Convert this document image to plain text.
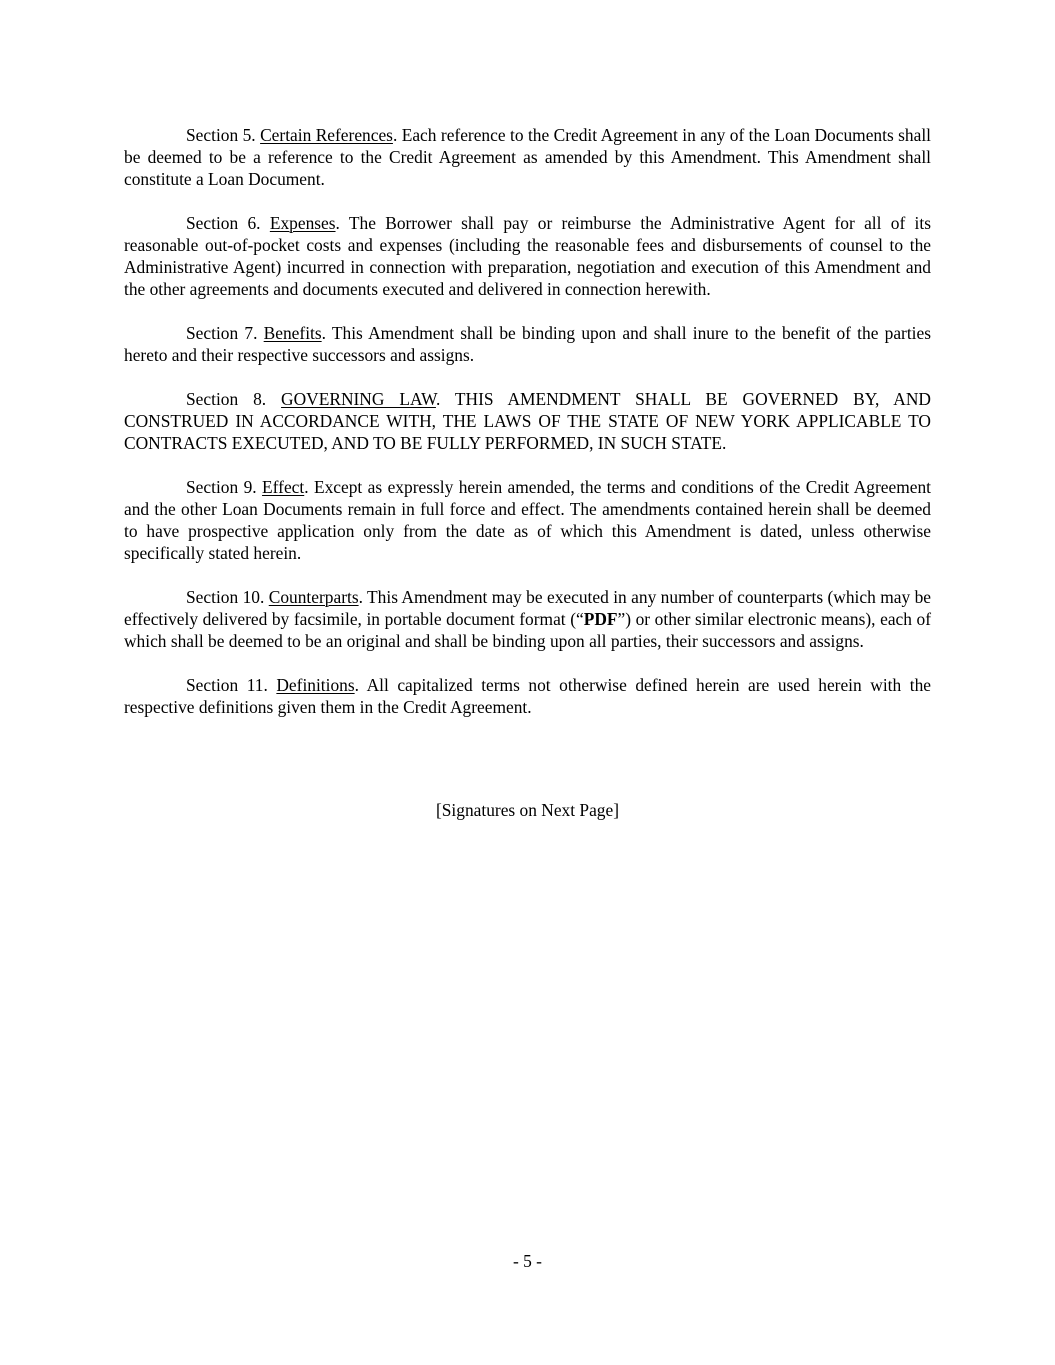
Section 5. Certain References. Each reference to the Credit Agreement in any of the Loan Documents shall be deemed to be a reference to the Credit Agreement as amended by this Amendment. This Amendment shall constitute a Loan Document.

Section 6. Expenses. The Borrower shall pay or reimburse the Administrative Agent for all of its reasonable out-of-pocket costs and expenses (including the reasonable fees and disbursements of counsel to the Administrative Agent) incurred in connection with preparation, negotiation and execution of this Amendment and the other agreements and documents executed and delivered in connection herewith.

Section 7. Benefits. This Amendment shall be binding upon and shall inure to the benefit of the parties hereto and their respective successors and assigns.

Section 8. GOVERNING LAW. THIS AMENDMENT SHALL BE GOVERNED BY, AND CONSTRUED IN ACCORDANCE WITH, THE LAWS OF THE STATE OF NEW YORK APPLICABLE TO CONTRACTS EXECUTED, AND TO BE FULLY PERFORMED, IN SUCH STATE.

Section 9. Effect. Except as expressly herein amended, the terms and conditions of the Credit Agreement and the other Loan Documents remain in full force and effect. The amendments contained herein shall be deemed to have prospective application only from the date as of which this Amendment is dated, unless otherwise specifically stated herein.

Section 10. Counterparts. This Amendment may be executed in any number of counterparts (which may be effectively delivered by facsimile, in portable document format (“PDF”) or other similar electronic means), each of which shall be deemed to be an original and shall be binding upon all parties, their successors and assigns.

Section 11. Definitions. All capitalized terms not otherwise defined herein are used herein with the respective definitions given them in the Credit Agreement.

[Signatures on Next Page]
- 5 -
